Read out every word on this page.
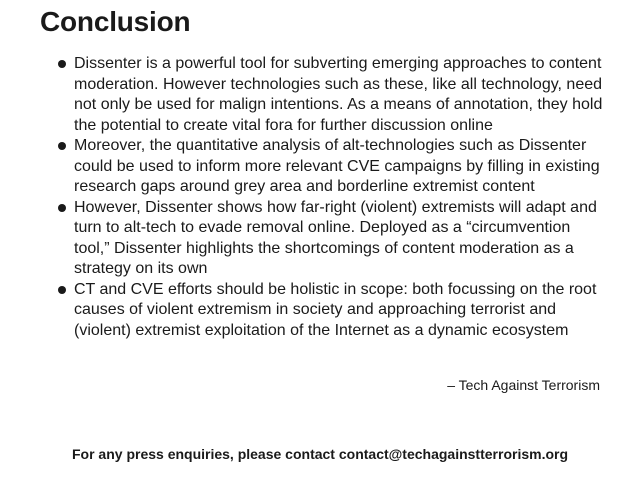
Conclusion
Dissenter is a powerful tool for subverting emerging approaches to content moderation. However technologies such as these, like all technology, need not only be used for malign intentions. As a means of annotation, they hold the potential to create vital fora for further discussion online
Moreover, the quantitative analysis of alt-technologies such as Dissenter could be used to inform more relevant CVE campaigns by filling in existing research gaps around grey area and borderline extremist content
However, Dissenter shows how far-right (violent) extremists will adapt and turn to alt-tech to evade removal online. Deployed as a “circumvention tool,” Dissenter highlights the shortcomings of content moderation as a strategy on its own
CT and CVE efforts should be holistic in scope: both focussing on the root causes of violent extremism in society and approaching terrorist and (violent) extremist exploitation of the Internet as a dynamic ecosystem

– Tech Against Terrorism

For any press enquiries, please contact contact@techagainstterrorism.org
